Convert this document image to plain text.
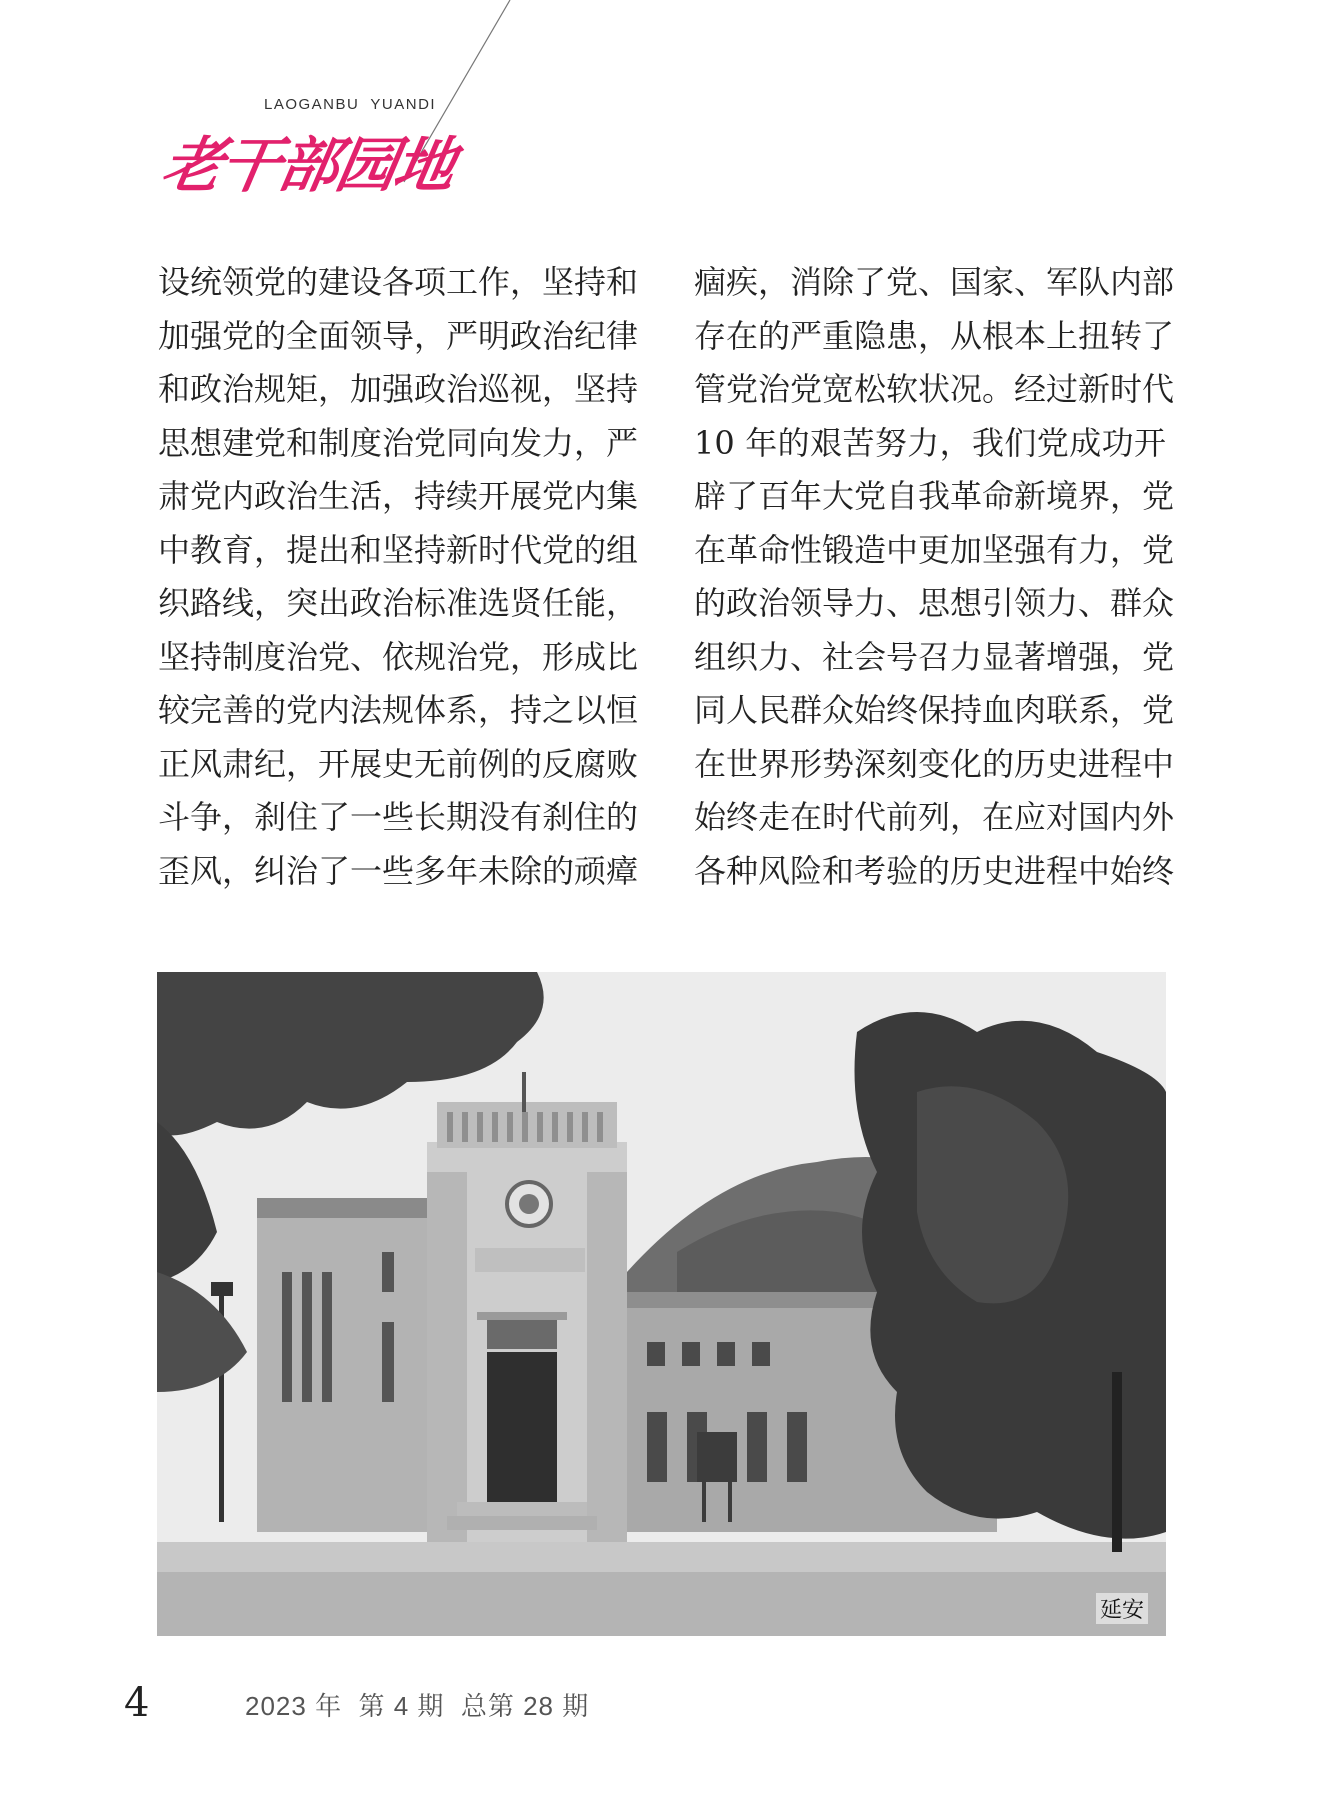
LAOGANBU  YUANDI
老干部园地
设统领党的建设各项工作，坚持和
加强党的全面领导，严明政治纪律
和政治规矩，加强政治巡视，坚持
思想建党和制度治党同向发力，严
肃党内政治生活，持续开展党内集
中教育，提出和坚持新时代党的组
织路线，突出政治标准选贤任能，
坚持制度治党、依规治党，形成比
较完善的党内法规体系，持之以恒
正风肃纪，开展史无前例的反腐败
斗争，刹住了一些长期没有刹住的
歪风，纠治了一些多年未除的顽瘴
痼疾，消除了党、国家、军队内部
存在的严重隐患，从根本上扭转了
管党治党宽松软状况。经过新时代
10 年的艰苦努力，我们党成功开
辟了百年大党自我革命新境界，党
在革命性锻造中更加坚强有力，党
的政治领导力、思想引领力、群众
组织力、社会号召力显著增强，党
同人民群众始终保持血肉联系，党
在世界形势深刻变化的历史进程中
始终走在时代前列，在应对国内外
各种风险和考验的历史进程中始终
延安
4	2023 年  第 4 期  总第 28 期
